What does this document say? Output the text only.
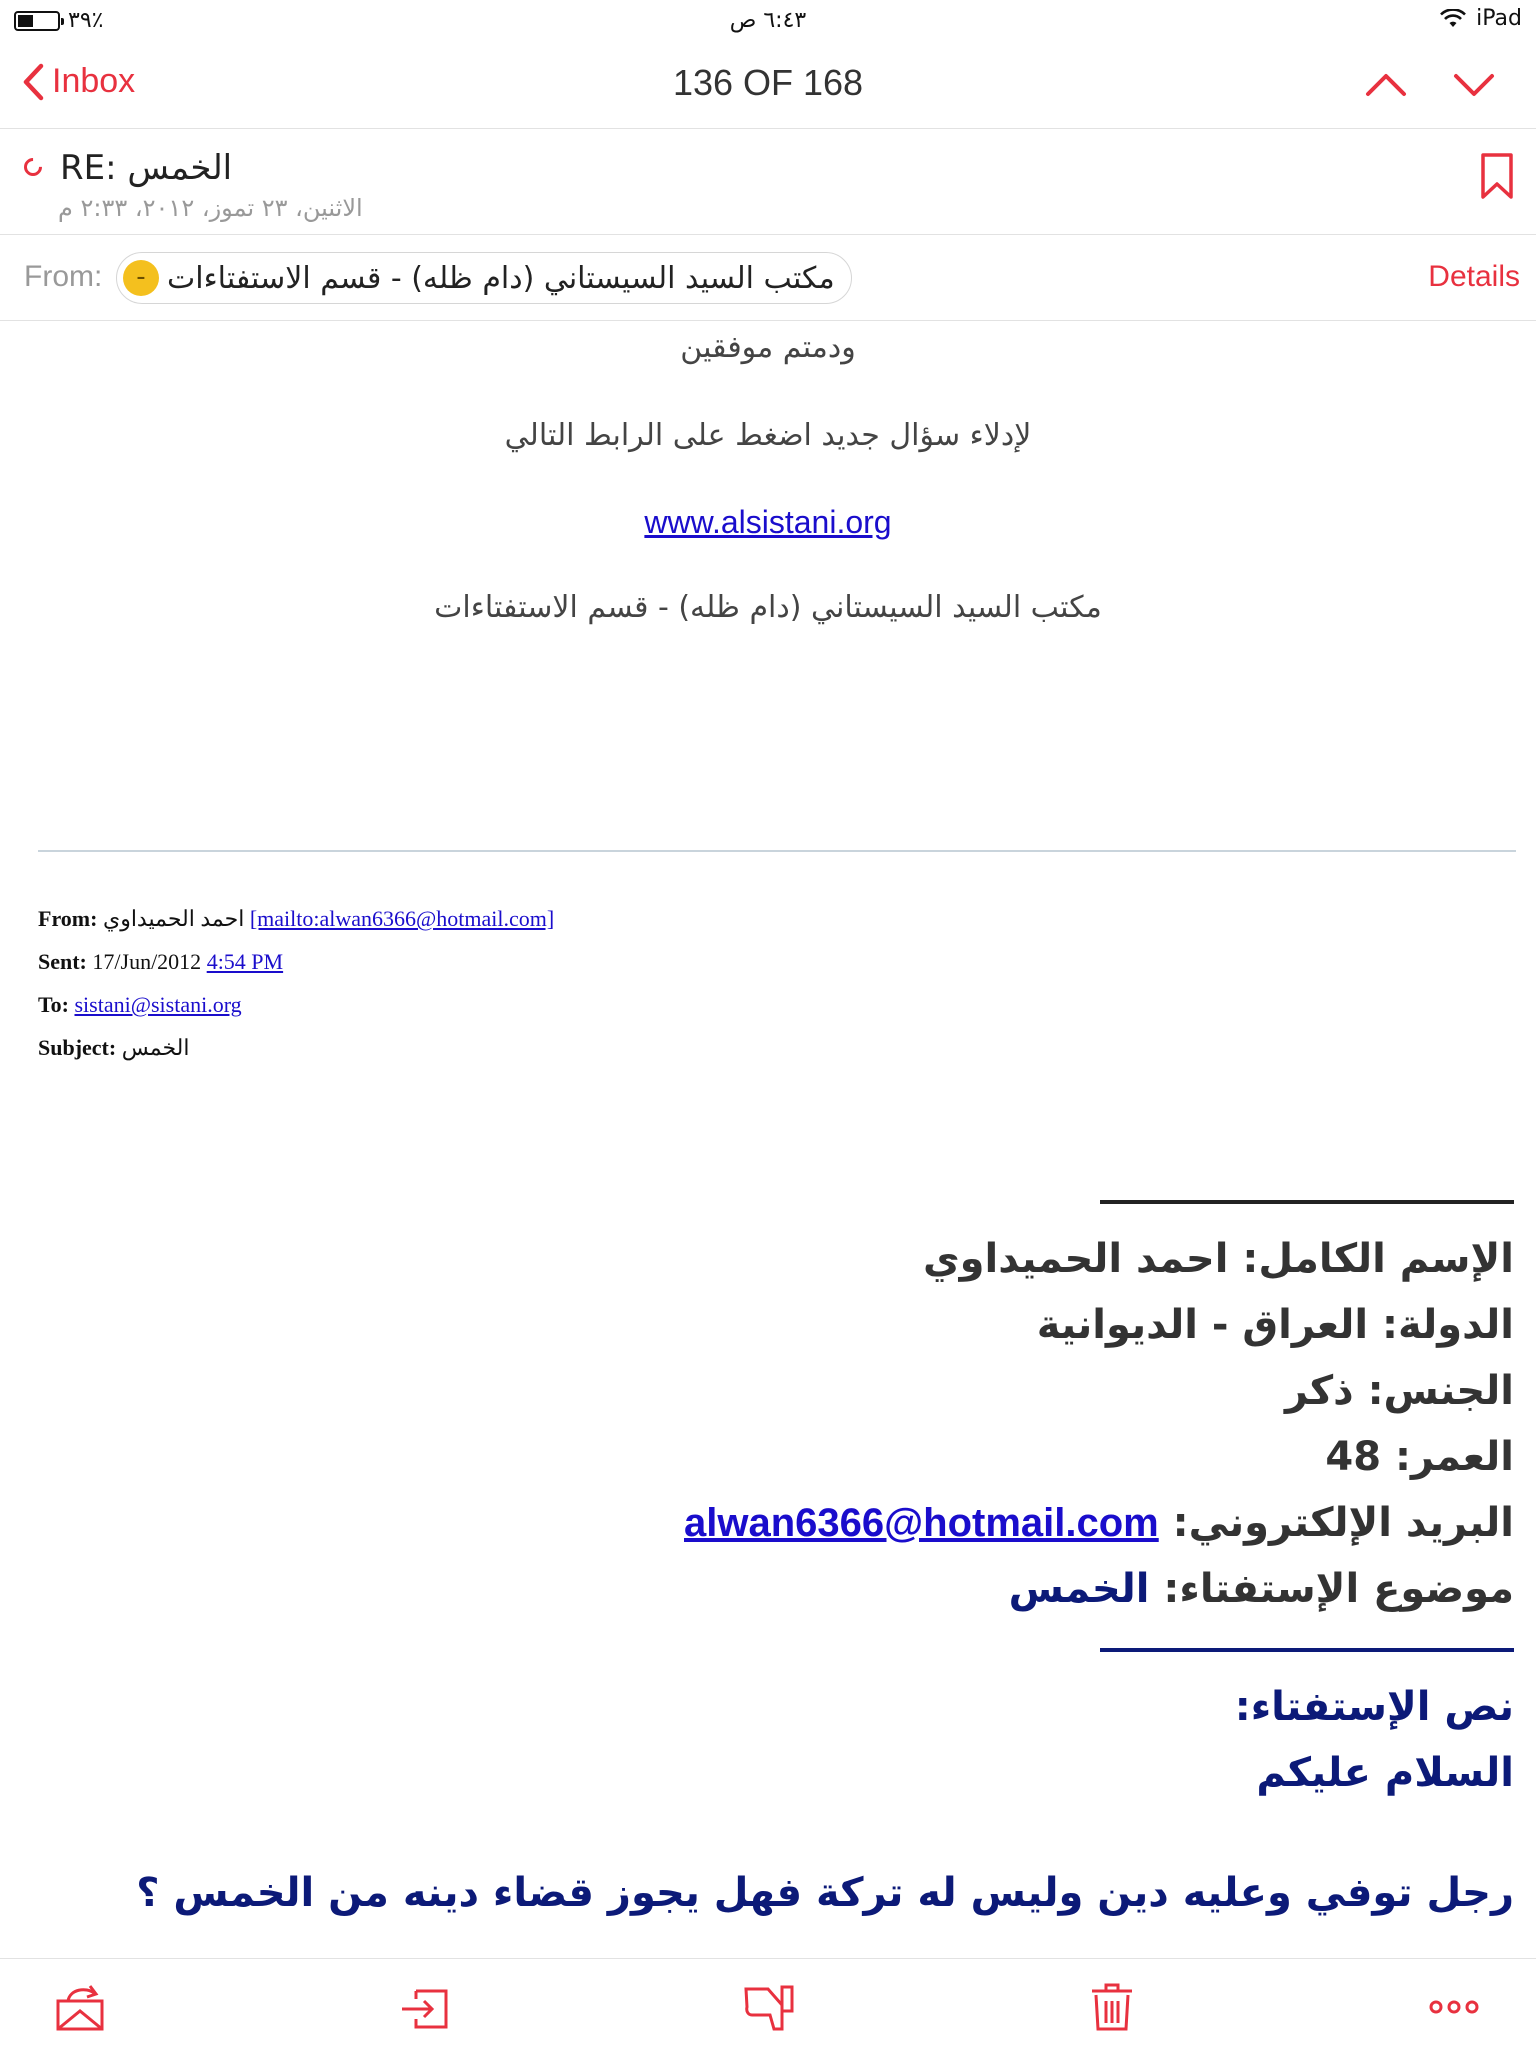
٣٩٪	٦:٤٣ ص	iPad
Inbox	136 OF 168
RE: الخمس
الاثنين، ٢٣ تموز، ٢٠١٢، ٢:٣٣ م
From:	- مكتب السيد السيستاني (دام ظله) - قسم الاستفتاءات	Details
ودمتم موفقين
لإدلاء سؤال جديد اضغط على الرابط التالي
www.alsistani.org
مكتب السيد السيستاني (دام ظله) - قسم الاستفتاءات
From: احمد الحميداوي [mailto:alwan6366@hotmail.com]
Sent: 17/Jun/2012 4:54 PM
To: sistani@sistani.org
Subject: الخمس
الإسم الكامل: احمد الحميداوي
الدولة: العراق - الديوانية
الجنس: ذكر
العمر: 48
البريد الإلكتروني: alwan6366@hotmail.com
موضوع الإستفتاء: الخمس
نص الإستفتاء:
السلام عليكم
رجل توفي وعليه دين وليس له تركة فهل يجوز قضاء دينه من الخمس ؟
